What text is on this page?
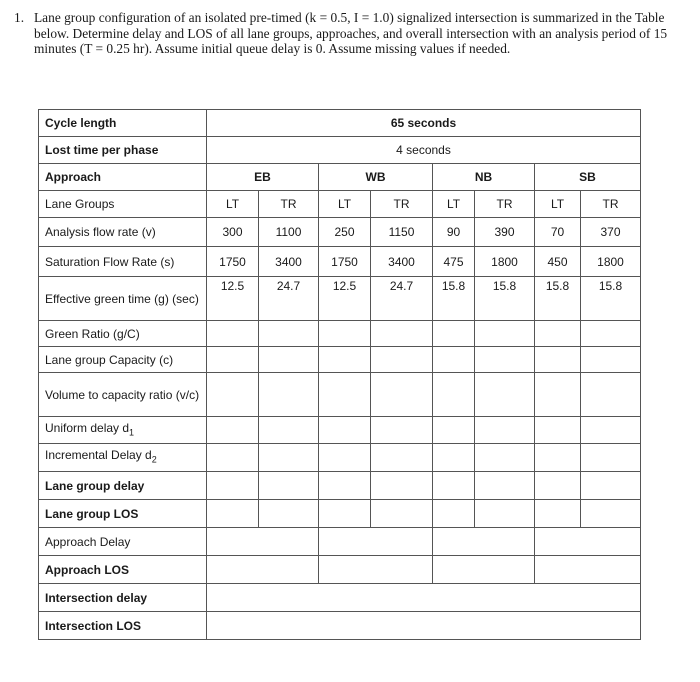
1. Lane group configuration of an isolated pre-timed (k = 0.5, I = 1.0) signalized intersection is summarized in the Table below. Determine delay and LOS of all lane groups, approaches, and overall intersection with an analysis period of 15 minutes (T = 0.25 hr). Assume initial queue delay is 0. Assume missing values if needed.
Cycle length	65 seconds							
Lost time per phase	4 seconds							
Approach	EB		WB		NB		SB	
Lane Groups	LT	TR	LT	TR	LT	TR	LT	TR
Analysis flow rate (v)	300	1100	250	1150	90	390	70	370
Saturation Flow Rate (s)	1750	3400	1750	3400	475	1800	450	1800
Effective green time (g) (sec)	12.5	24.7	12.5	24.7	15.8	15.8	15.8	15.8
Green Ratio (g/C)								
Lane group Capacity (c)								
Volume to capacity ratio (v/c)								
Uniform delay $d_1$								
Incremental Delay $d_2$								
Lane group delay								
Lane group LOS								
Approach Delay								
Approach LOS								
Intersection delay								
Intersection LOS								
